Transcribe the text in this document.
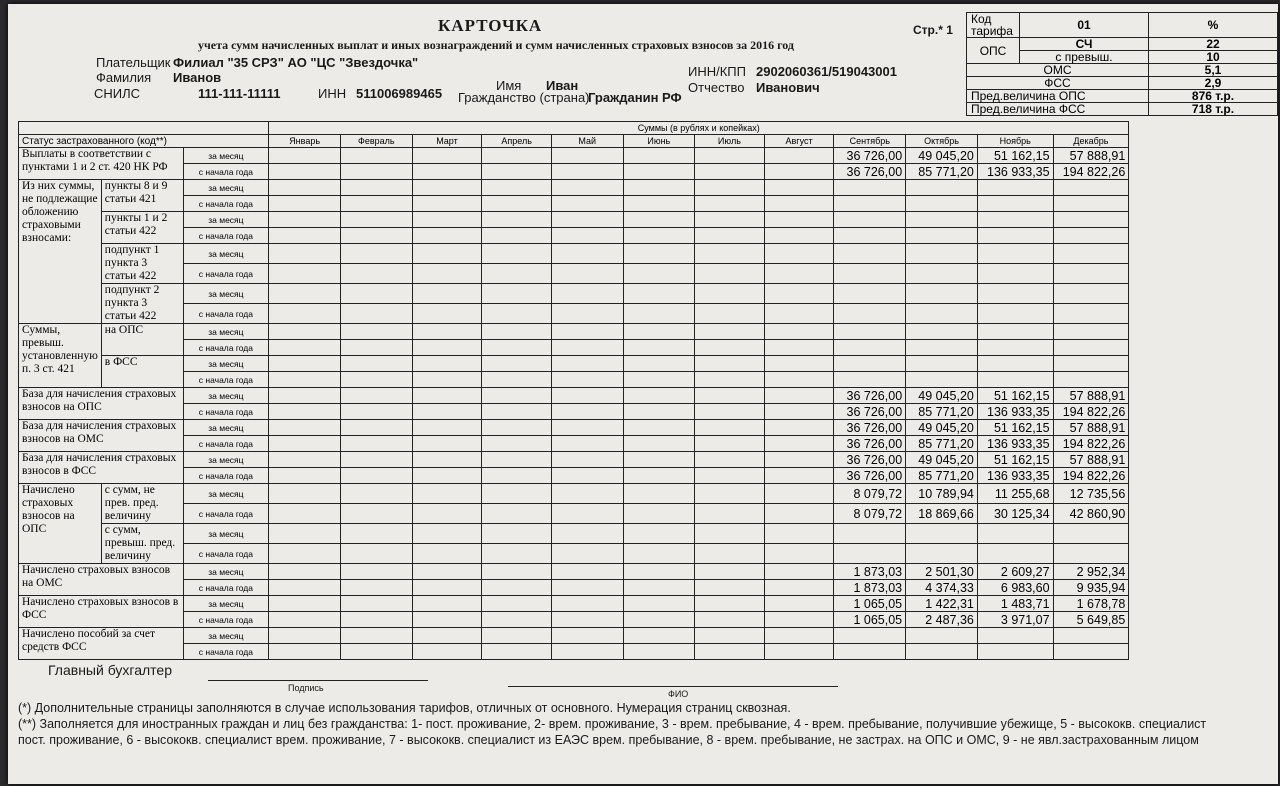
КАРТОЧКА
учета сумм начисленных выплат и иных вознаграждений и сумм начисленных страховых взносов за 2016 год
Стр.* 1
Плательщик Филиал "35 СРЗ" АО "ЦС "Звездочка"
Фамилия Иванов
Имя Иван
ИНН/КПП 2902060361/519043001
Отчество Иванович
СНИЛС	111-111-11111	ИНН 511006989465 Гражданство (страна)
Гражданин РФ
Код тарифа	01	%
ОПС	СЧ	22
	с превыш.	10
ОМС		5,1
ФСС		2,9
Пред.величина ОПС		876 т.р.
Пред.величина ФСС		718 т.р.
			Суммы (в рублях и копейках)											
Статус застрахованного (код**)			Январь	Февраль	Март	Апрель	Май	Июнь	Июль	Август	Сентябрь	Октябрь	Ноябрь	Декабрь
Выплаты в соответствии с пунктами 1 и 2 ст. 420 НК РФ		за месяц									36 726,00	49 045,20	51 162,15	57 888,91
		с начала года									36 726,00	85 771,20	136 933,35	194 822,26
Из них суммы, не подлежащие обложению страховыми взносами:	пункты 8 и 9 статьи 421	за месяц												
		с начала года												
	пункты 1 и 2 статьи 422	за месяц												
		с начала года												
	подпункт 1 пункта 3 статьи 422	за месяц												
		с начала года												
	подпункт 2 пункта 3 статьи 422	за месяц												
		с начала года												
Суммы, превыш. установленную п. 3 ст. 421	на ОПС	за месяц												
		с начала года												
	в ФСС	за месяц												
		с начала года												
База для начисления страховых взносов на ОПС		за месяц									36 726,00	49 045,20	51 162,15	57 888,91
		с начала года									36 726,00	85 771,20	136 933,35	194 822,26
База для начисления страховых взносов на ОМС		за месяц									36 726,00	49 045,20	51 162,15	57 888,91
		с начала года									36 726,00	85 771,20	136 933,35	194 822,26
База для начисления страховых взносов в ФСС		за месяц									36 726,00	49 045,20	51 162,15	57 888,91
		с начала года									36 726,00	85 771,20	136 933,35	194 822,26
Начислено страховых взносов на ОПС	с сумм, не прев. пред. величину	за месяц									8 079,72	10 789,94	11 255,68	12 735,56
		с начала года									8 079,72	18 869,66	30 125,34	42 860,90
	с сумм, превыш. пред. величину	за месяц												
		с начала года												
Начислено страховых взносов на ОМС		за месяц									1 873,03	2 501,30	2 609,27	2 952,34
		с начала года									1 873,03	4 374,33	6 983,60	9 935,94
Начислено страховых взносов в ФСС		за месяц									1 065,05	1 422,31	1 483,71	1 678,78
		с начала года									1 065,05	2 487,36	3 971,07	5 649,85
Начислено пособий за счет средств ФСС		за месяц												
		с начала года												
Главный бухгалтер
Подпись
ФИО
(*) Дополнительные страницы заполняются в случае использования тарифов, отличных от основного. Нумерация страниц сквозная.
(**) Заполняется для иностранных граждан и лиц без гражданства: 1- пост. проживание, 2- врем. проживание, 3 - врем. пребывание, 4 - врем. пребывание, получившие убежище, 5 - высококв. специалист
пост. проживание, 6 - высококв. специалист врем. проживание, 7 - высококв. специалист из ЕАЭС врем. пребывание, 8 - врем. пребывание, не застрах. на ОПС и ОМС, 9 - не явл.застрахованным лицом
